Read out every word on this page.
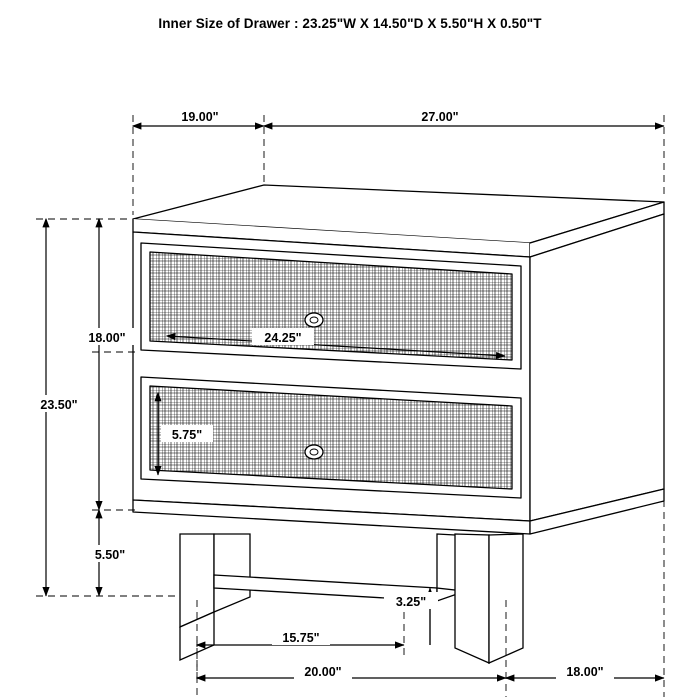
Inner Size of Drawer : 23.25"W X 14.50"D X 5.50"H X 0.50"T
19.00"	27.00"
23.50"
18.00"
5.50"
24.25"
5.75"
3.25"
15.75"
20.00"	18.00"
